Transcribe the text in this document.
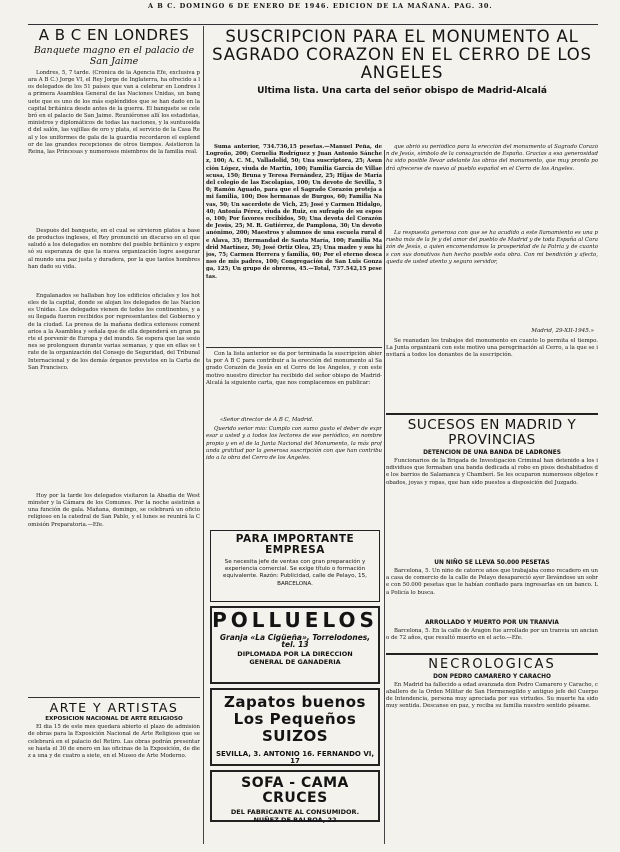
A B C. DOMINGO 6 DE ENERO DE 1946. EDICION DE LA MAÑANA. PAG. 30.
A B C EN LONDRES
Banquete magno en el palacio de San Jaime

Londres, 5, 7 tarde. (Crónica de la Agencia Efe, exclusiva para A B C.) Jorge VI, el Rey Jorge de Inglaterra, ha ofrecido a los delegados de los 51 países que van a celebrar en Londres la primera Asamblea General de las Naciones Unidas, un banquete que es uno de los más espléndidos que se han dado en la capital británica desde antes de la guerra. El banquete se celebró en el palacio de San Jaime. Reuniéronse allí los estadistas, ministros y diplomáticos de todas las naciones, y la suntuosidad del salón, las vajillas de oro y plata, el servicio de la Casa Real y los uniformes de gala de la guardia recordaron el esplendor de las grandes recepciones de otros tiempos. Asistieron la Reina, las Princesas y numerosos miembros de la familia real.

Después del banquete, en el cual se sirvieron platos a base de productos ingleses, el Rey pronunció un discurso en el que saludó a los delegados en nombre del pueblo británico y expresó su esperanza de que la nueva organización logre asegurar al mundo una paz justa y duradera, por la que tantos hombres han dado su vida.

Engalanados se hallaban hoy los edificios oficiales y los hoteles de la capital, donde se alojan los delegados de las Naciones Unidas. Los delegados vienen de todos los continentes, y a su llegada fueron recibidos por representantes del Gobierno y de la ciudad. La prensa de la mañana dedica extensos comentarios a la Asamblea y señala que de ella dependerá en gran parte el porvenir de Europa y del mundo. Se espera que las sesiones se prolonguen durante varias semanas, y que en ellas se trate de la organización del Consejo de Seguridad, del Tribunal Internacional y de los demás órganos previstos en la Carta de San Francisco.

Hoy por la tarde los delegados visitaron la Abadía de Westminster y la Cámara de los Comunes. Por la noche asistirán a una función de gala. Mañana, domingo, se celebrará un oficio religioso en la catedral de San Pablo, y el lunes se reunirá la Comisión Preparatoria.—Efe.

ARTE Y ARTISTAS
EXPOSICION NACIONAL DE ARTE RELIGIOSO

El día 15 de este mes quedará abierto el plazo de admisión de obras para la Exposición Nacional de Arte Religioso que se celebrará en el palacio del Retiro. Las obras podrán presentarse hasta el 30 de enero en las oficinas de la Exposición, de diez a una y de cuatro a siete, en el Museo de Arte Moderno.

SUSCRIPCION PARA EL MONUMENTO AL SAGRADO CORAZON EN EL CERRO DE LOS ANGELES
Ultima lista. Una carta del señor obispo de Madrid-Alcalá

Suma anterior, 734.736,15 pesetas.—Manuel Peña, de Logroño, 200; Cornelia Rodríguez y Juan Antonio Sánchez, 100; A. C. M., Valladolid, 50; Una suscriptora, 25; Asunción López, viuda de Martín, 100; Familia García de Villaescusa, 150; Bruna y Teresa Fernández, 25; Hijas de María del colegio de las Escolapias, 100; Un devoto de Sevilla, 50; Ramón Aguado, para que el Sagrado Corazón proteja a mi familia, 100; Dos hermanas de Burgos, 60; Familia Navas, 50; Un sacerdote de Vich, 25; José y Carmen Hidalgo, 40; Antonia Pérez, viuda de Ruiz, en sufragio de su esposo, 100; Por favores recibidos, 50; Una devota del Corazón de Jesús, 25; M. R. Gutiérrez, de Pamplona, 30; Un devoto anónimo, 200; Maestros y alumnos de una escuela rural de Alava, 35; Hermandad de Santa María, 100; Familia Madrid Martínez, 50; José Ortiz Olea, 25; Una madre y sus hijos, 75; Carmen Herrera y familia, 60; Por el eterno descanso de mis padres, 100; Congregación de San Luis Gonzaga, 125; Un grupo de obreros, 45.—Total, 737.542,15 pesetas.

Con la lista anterior se da por terminada la suscripción abierta por A B C para contribuir a la erección del monumento al Sagrado Corazón de Jesús en el Cerro de los Angeles, y con este motivo nuestro director ha recibido del señor obispo de Madrid-Alcalá la siguiente carta, que nos complacemos en publicar:

«Señor director de A B C, Madrid.

Querido señor mío: Cumplo con sumo gusto el deber de expresar a usted y a todos los lectores de ese periódico, en nombre propio y en el de la Junta Nacional del Monumento, la más profunda gratitud por la generosa suscripción con que han contribuido a la obra del Cerro de los Angeles.

PARA IMPORTANTE EMPRESA
Se necesita jefe de ventas con gran preparación y experiencia comercial. Se exige título o formación equivalente. Razón: Publicidad, calle de Pelayo, 15, BARCELONA.
POLLUELOS
Granja «La Cigüeña», Torrelodones, tel. 13
DIPLOMADA POR LA DIRECCION GENERAL DE GANADERIA
Zapatos buenos Los Pequeños SUIZOS
SEVILLA, 3. ANTONIO 16. FERNANDO VI, 17
SOFA - CAMA CRUCES
DEL FABRICANTE AL CONSUMIDOR. NUÑEZ DE BALBOA, 22

que abrió su periódico para la erección del monumento al Sagrado Corazón de Jesús, símbolo de la consagración de España. Gracias a esa generosidad ha sido posible llevar adelante las obras del monumento, que muy pronto podrá ofrecerse de nuevo al pueblo español en el Cerro de los Angeles.

La respuesta generosa con que se ha acudido a este llamamiento es una prueba más de la fe y del amor del pueblo de Madrid y de toda España al Corazón de Jesús, a quien encomendamos la prosperidad de la Patria y de cuantos con sus donativos han hecho posible esta obra. Con mi bendición y afecto, queda de usted atento y seguro servidor,

Madrid, 29-XII-1945.»

Se reanudan los trabajos del monumento en cuanto lo permita el tiempo. La Junta organizará con este motivo una peregrinación al Cerro, a la que se invitará a todos los donantes de la suscripción.

SUCESOS EN MADRID Y PROVINCIAS
DETENCION DE UNA BANDA DE LADRONES

Funcionarios de la Brigada de Investigación Criminal han detenido a los individuos que formaban una banda dedicada al robo en pisos deshabitados de los barrios de Salamanca y Chamberí. Se les ocuparon numerosos objetos robados, joyas y ropas, que han sido puestos a disposición del Juzgado.

UN NIÑO SE LLEVA 50.000 PESETAS

Barcelona, 5. Un niño de catorce años que trabajaba como recadero en una casa de comercio de la calle de Pelayo desapareció ayer llevándose un sobre con 50.000 pesetas que le habían confiado para ingresarlas en un banco. La Policía lo busca.

ARROLLADO Y MUERTO POR UN TRANVIA

Barcelona, 5. En la calle de Aragón fue arrollado por un tranvía un anciano de 72 años, que resultó muerto en el acto.—Efe.

NECROLOGICAS
DON PEDRO CAMARERO Y CARACHO

En Madrid ha fallecido a edad avanzada don Pedro Camarero y Caracho, caballero de la Orden Militar de San Hermenegildo y antiguo jefe del Cuerpo de Intendencia, persona muy apreciada por sus virtudes. Su muerte ha sido muy sentida. Descanse en paz, y reciba su familia nuestro sentido pésame.
